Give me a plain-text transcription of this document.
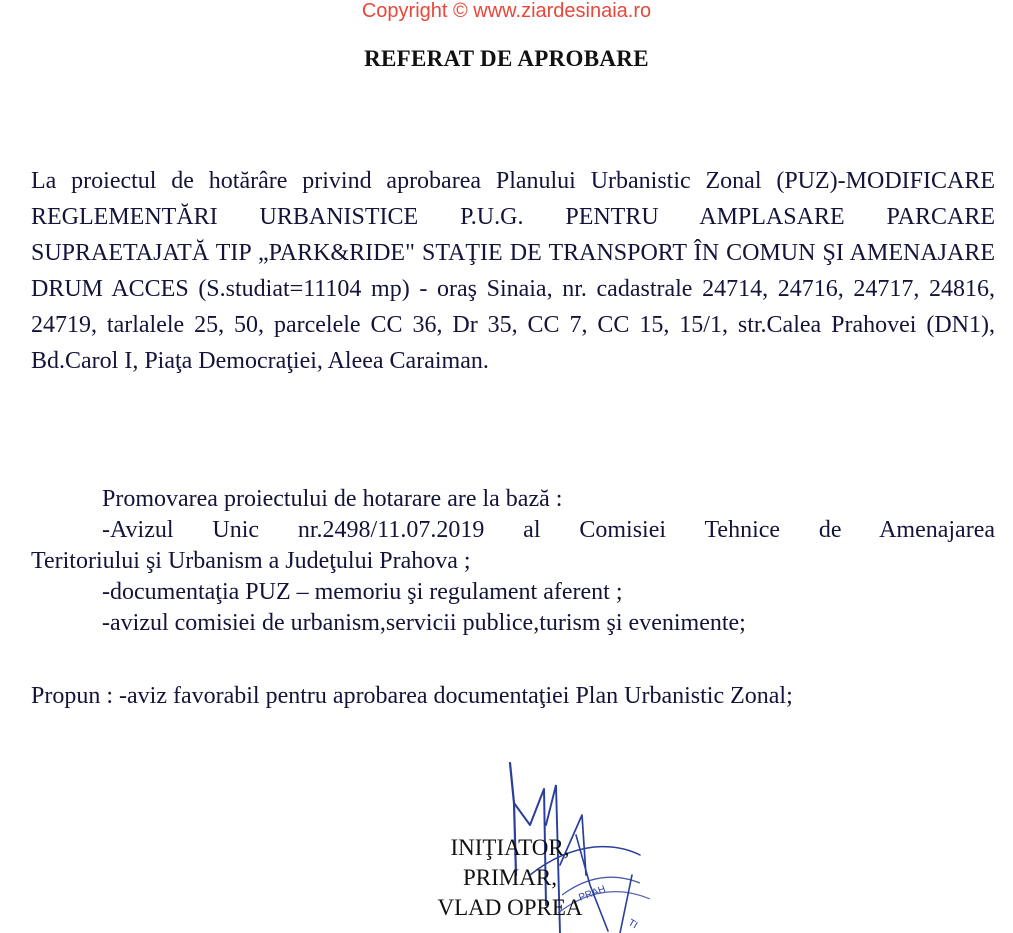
Copyright © www.ziardesinaia.ro
REFERAT DE APROBARE

La proiectul de hotărâre privind aprobarea Planului Urbanistic Zonal (PUZ)-MODIFICARE REGLEMENTĂRI URBANISTICE P.U.G. PENTRU AMPLASARE PARCARE SUPRAETAJATĂ TIP „PARK&RIDE" STAŢIE DE TRANSPORT ÎN COMUN ŞI AMENAJARE DRUM ACCES (S.studiat=11104 mp) - oraş Sinaia, nr. cadastrale 24714, 24716, 24717, 24816, 24719, tarlalele 25, 50, parcelele CC 36, Dr 35, CC 7, CC 15, 15/1, str.Calea Prahovei (DN1), Bd.Carol I, Piaţa Democraţiei, Aleea Caraiman.

Promovarea proiectului de hotarare are la bază :
-Avizul Unic nr.2498/11.07.2019 al Comisiei Tehnice de Amenajarea
Teritoriului şi Urbanism a Judeţului Prahova ;
-documentaţia PUZ – memoriu şi regulament aferent ;
-avizul comisiei de urbanism,servicii publice,turism şi evenimente;
Propun : -aviz favorabil pentru aprobarea documentaţiei Plan Urbanistic Zonal;
PRAH
TI
INIŢIATOR,
PRIMAR,
VLAD OPREA
